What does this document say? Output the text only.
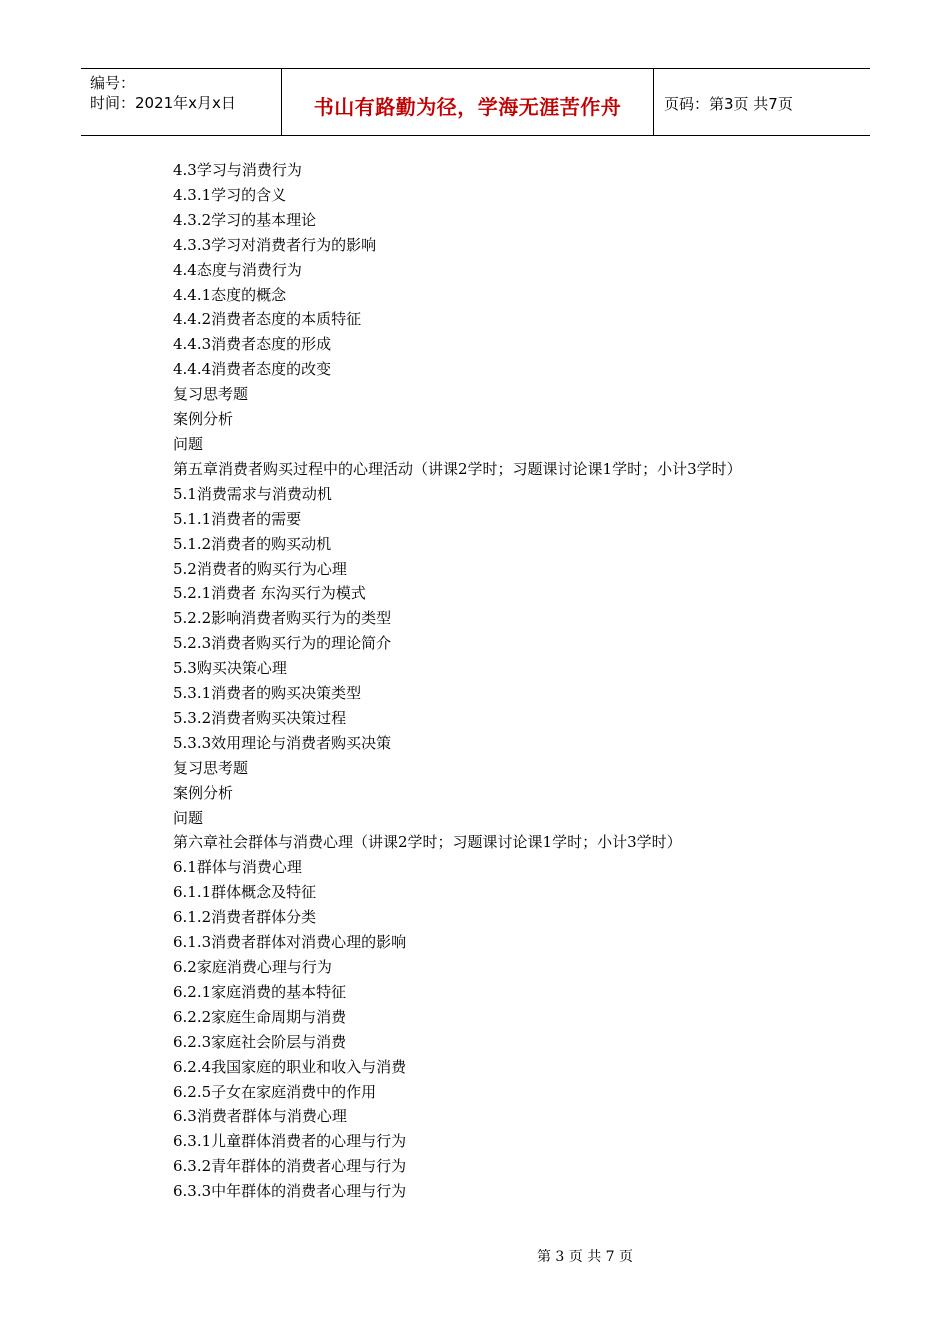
编号：
时间：2021年x月x日	书山有路勤为径，学海无涯苦作舟	页码：第3页 共7页
4.3学习与消费行为
4.3.1学习的含义
4.3.2学习的基本理论
4.3.3学习对消费者行为的影响
4.4态度与消费行为
4.4.1态度的概念
4.4.2消费者态度的本质特征
4.4.3消费者态度的形成
4.4.4消费者态度的改变
复习思考题
案例分析
问题
第五章消费者购买过程中的心理活动（讲课2学时；习题课讨论课1学时；小计3学时）
5.1消费需求与消费动机
5.1.1消费者的需要
5.1.2消费者的购买动机
5.2消费者的购买行为心理
5.2.1消费者 东沟买行为模式
5.2.2影响消费者购买行为的类型
5.2.3消费者购买行为的理论简介
5.3购买决策心理
5.3.1消费者的购买决策类型
5.3.2消费者购买决策过程
5.3.3效用理论与消费者购买决策
复习思考题
案例分析
问题
第六章社会群体与消费心理（讲课2学时；习题课讨论课1学时；小计3学时）
6.1群体与消费心理
6.1.1群体概念及特征
6.1.2消费者群体分类
6.1.3消费者群体对消费心理的影响
6.2家庭消费心理与行为
6.2.1家庭消费的基本特征
6.2.2家庭生命周期与消费
6.2.3家庭社会阶层与消费
6.2.4我国家庭的职业和收入与消费
6.2.5子女在家庭消费中的作用
6.3消费者群体与消费心理
6.3.1儿童群体消费者的心理与行为
6.3.2青年群体的消费者心理与行为
6.3.3中年群体的消费者心理与行为
第 3 页 共 7 页
